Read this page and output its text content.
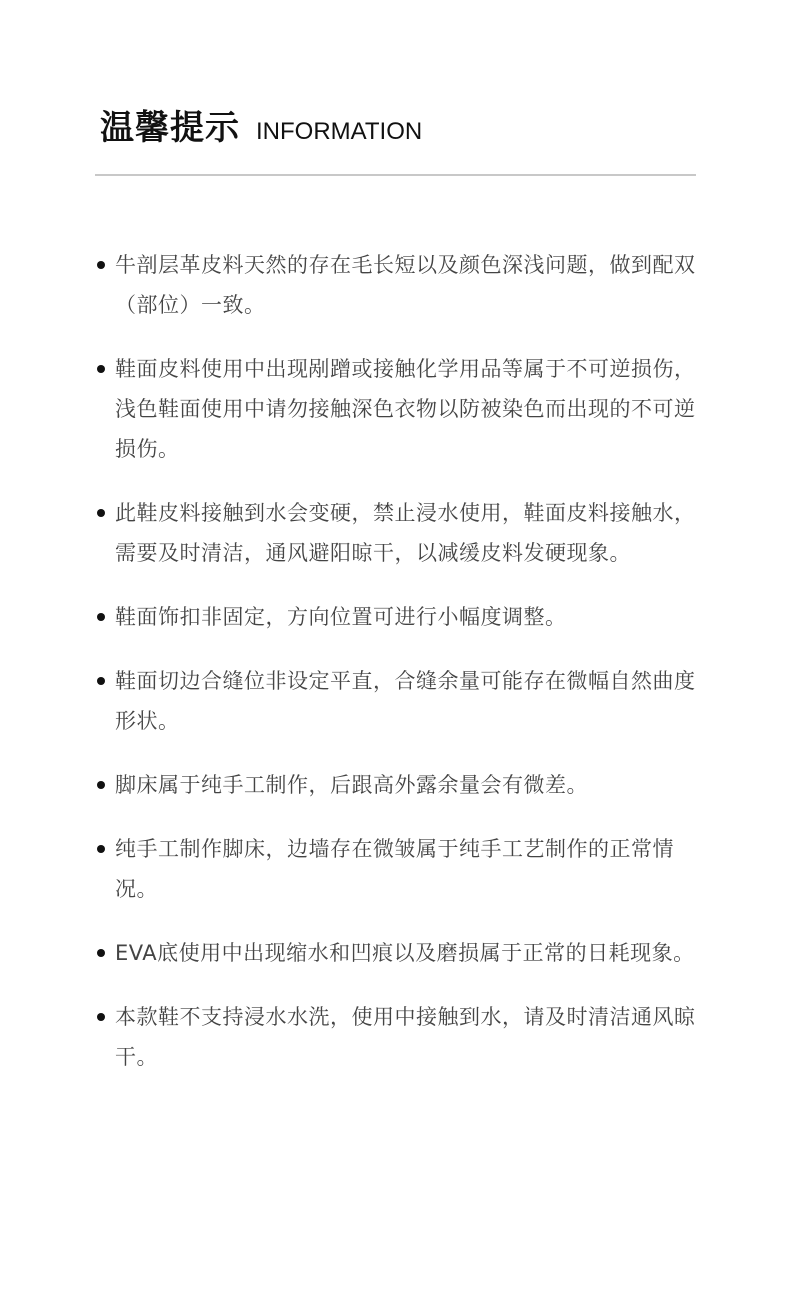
温馨提示 INFORMATION
牛剖层革皮料天然的存在毛长短以及颜色深浅问题，做到配双（部位）一致。
鞋面皮料使用中出现剐蹭或接触化学用品等属于不可逆损伤，浅色鞋面使用中请勿接触深色衣物以防被染色而出现的不可逆损伤。
此鞋皮料接触到水会变硬，禁止浸水使用，鞋面皮料接触水，需要及时清洁，通风避阳晾干，以减缓皮料发硬现象。
鞋面饰扣非固定，方向位置可进行小幅度调整。
鞋面切边合缝位非设定平直，合缝余量可能存在微幅自然曲度形状。
脚床属于纯手工制作，后跟高外露余量会有微差。
纯手工制作脚床，边墙存在微皱属于纯手工艺制作的正常情况。
EVA底使用中出现缩水和凹痕以及磨损属于正常的日耗现象。
本款鞋不支持浸水水洗，使用中接触到水，请及时清洁通风晾干。
